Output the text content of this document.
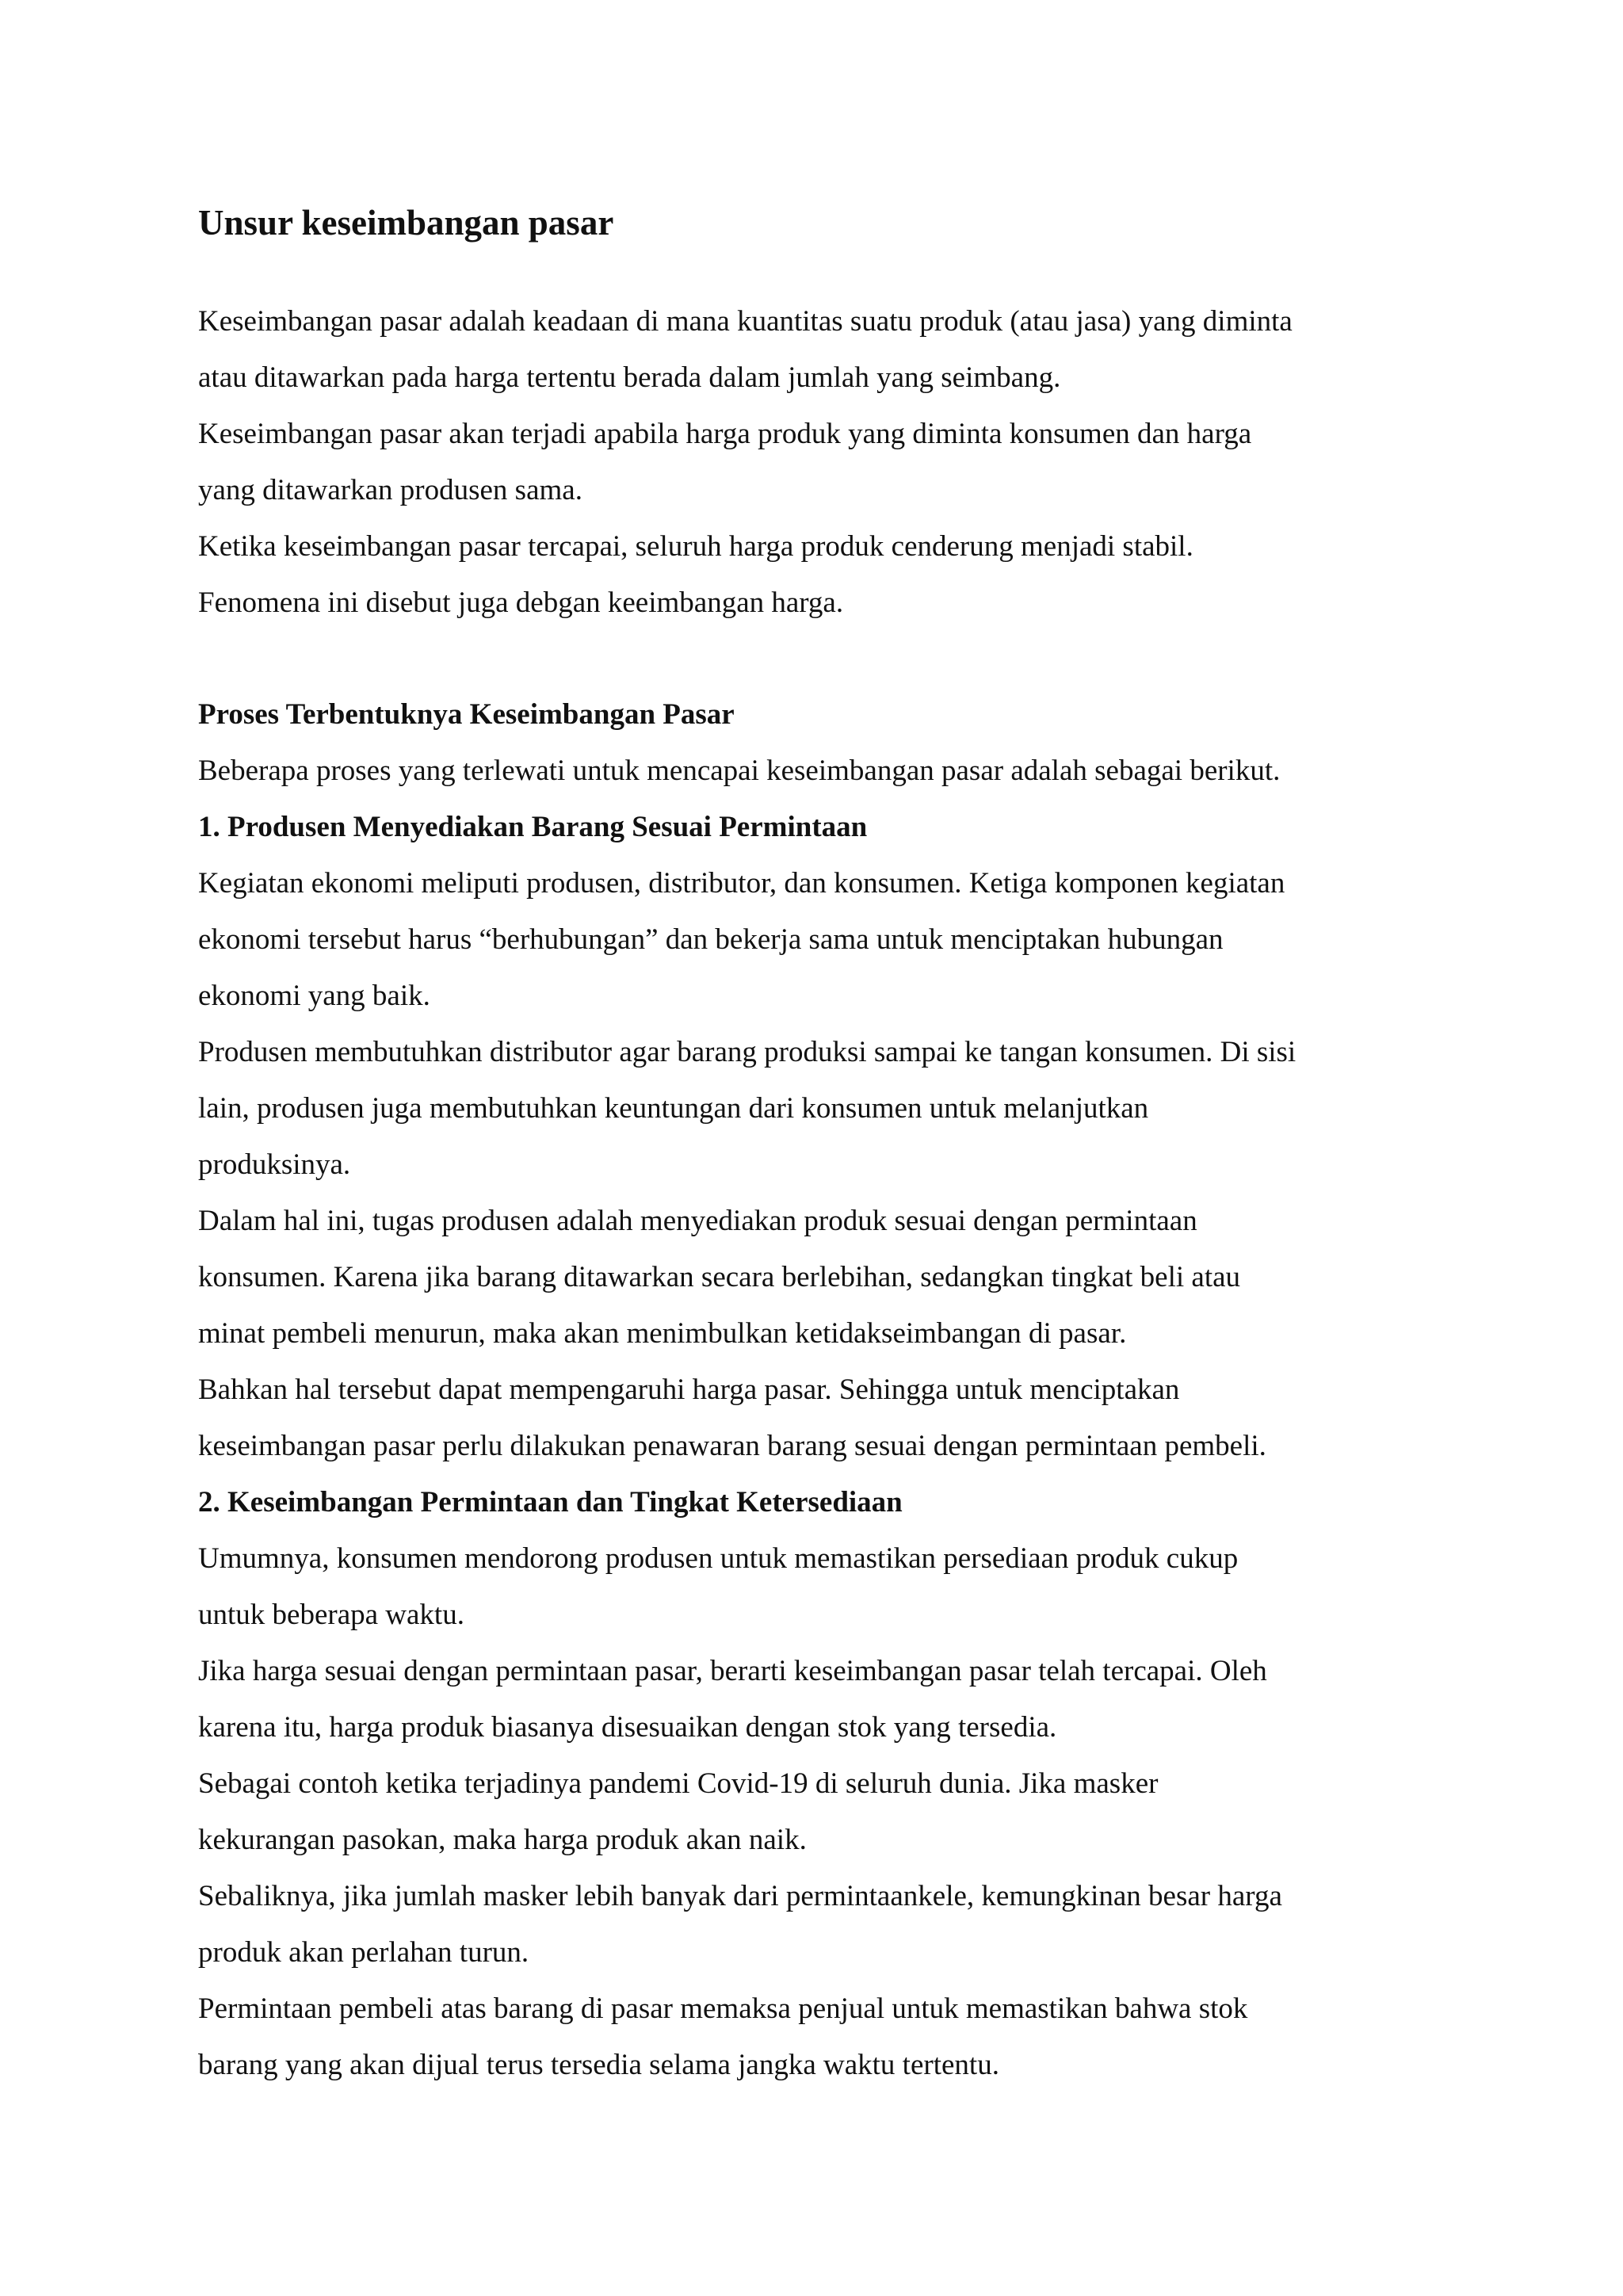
Unsur keseimbangan pasar

Keseimbangan pasar adalah keadaan di mana kuantitas suatu produk (atau jasa) yang diminta

atau ditawarkan pada harga tertentu berada dalam jumlah yang seimbang.

Keseimbangan pasar akan terjadi apabila harga produk yang diminta konsumen dan harga

yang ditawarkan produsen sama.

Ketika keseimbangan pasar tercapai, seluruh harga produk cenderung menjadi stabil.

Fenomena ini disebut juga debgan keeimbangan harga.

Proses Terbentuknya Keseimbangan Pasar

Beberapa proses yang terlewati untuk mencapai keseimbangan pasar adalah sebagai berikut.

1. Produsen Menyediakan Barang Sesuai Permintaan

Kegiatan ekonomi meliputi produsen, distributor, dan konsumen. Ketiga komponen kegiatan

ekonomi tersebut harus “berhubungan” dan bekerja sama untuk menciptakan hubungan

ekonomi yang baik.

Produsen membutuhkan distributor agar barang produksi sampai ke tangan konsumen. Di sisi

lain, produsen juga membutuhkan keuntungan dari konsumen untuk melanjutkan

produksinya.

Dalam hal ini, tugas produsen adalah menyediakan produk sesuai dengan permintaan

konsumen. Karena jika barang ditawarkan secara berlebihan, sedangkan tingkat beli atau

minat pembeli menurun, maka akan menimbulkan ketidakseimbangan di pasar.

Bahkan hal tersebut dapat mempengaruhi harga pasar. Sehingga untuk menciptakan

keseimbangan pasar perlu dilakukan penawaran barang sesuai dengan permintaan pembeli.

2. Keseimbangan Permintaan dan Tingkat Ketersediaan

Umumnya, konsumen mendorong produsen untuk memastikan persediaan produk cukup

untuk beberapa waktu.

Jika harga sesuai dengan permintaan pasar, berarti keseimbangan pasar telah tercapai. Oleh

karena itu, harga produk biasanya disesuaikan dengan stok yang tersedia.

Sebagai contoh ketika terjadinya pandemi Covid-19 di seluruh dunia. Jika masker

kekurangan pasokan, maka harga produk akan naik.

Sebaliknya, jika jumlah masker lebih banyak dari permintaankele, kemungkinan besar harga

produk akan perlahan turun.

Permintaan pembeli atas barang di pasar memaksa penjual untuk memastikan bahwa stok

barang yang akan dijual terus tersedia selama jangka waktu tertentu.
